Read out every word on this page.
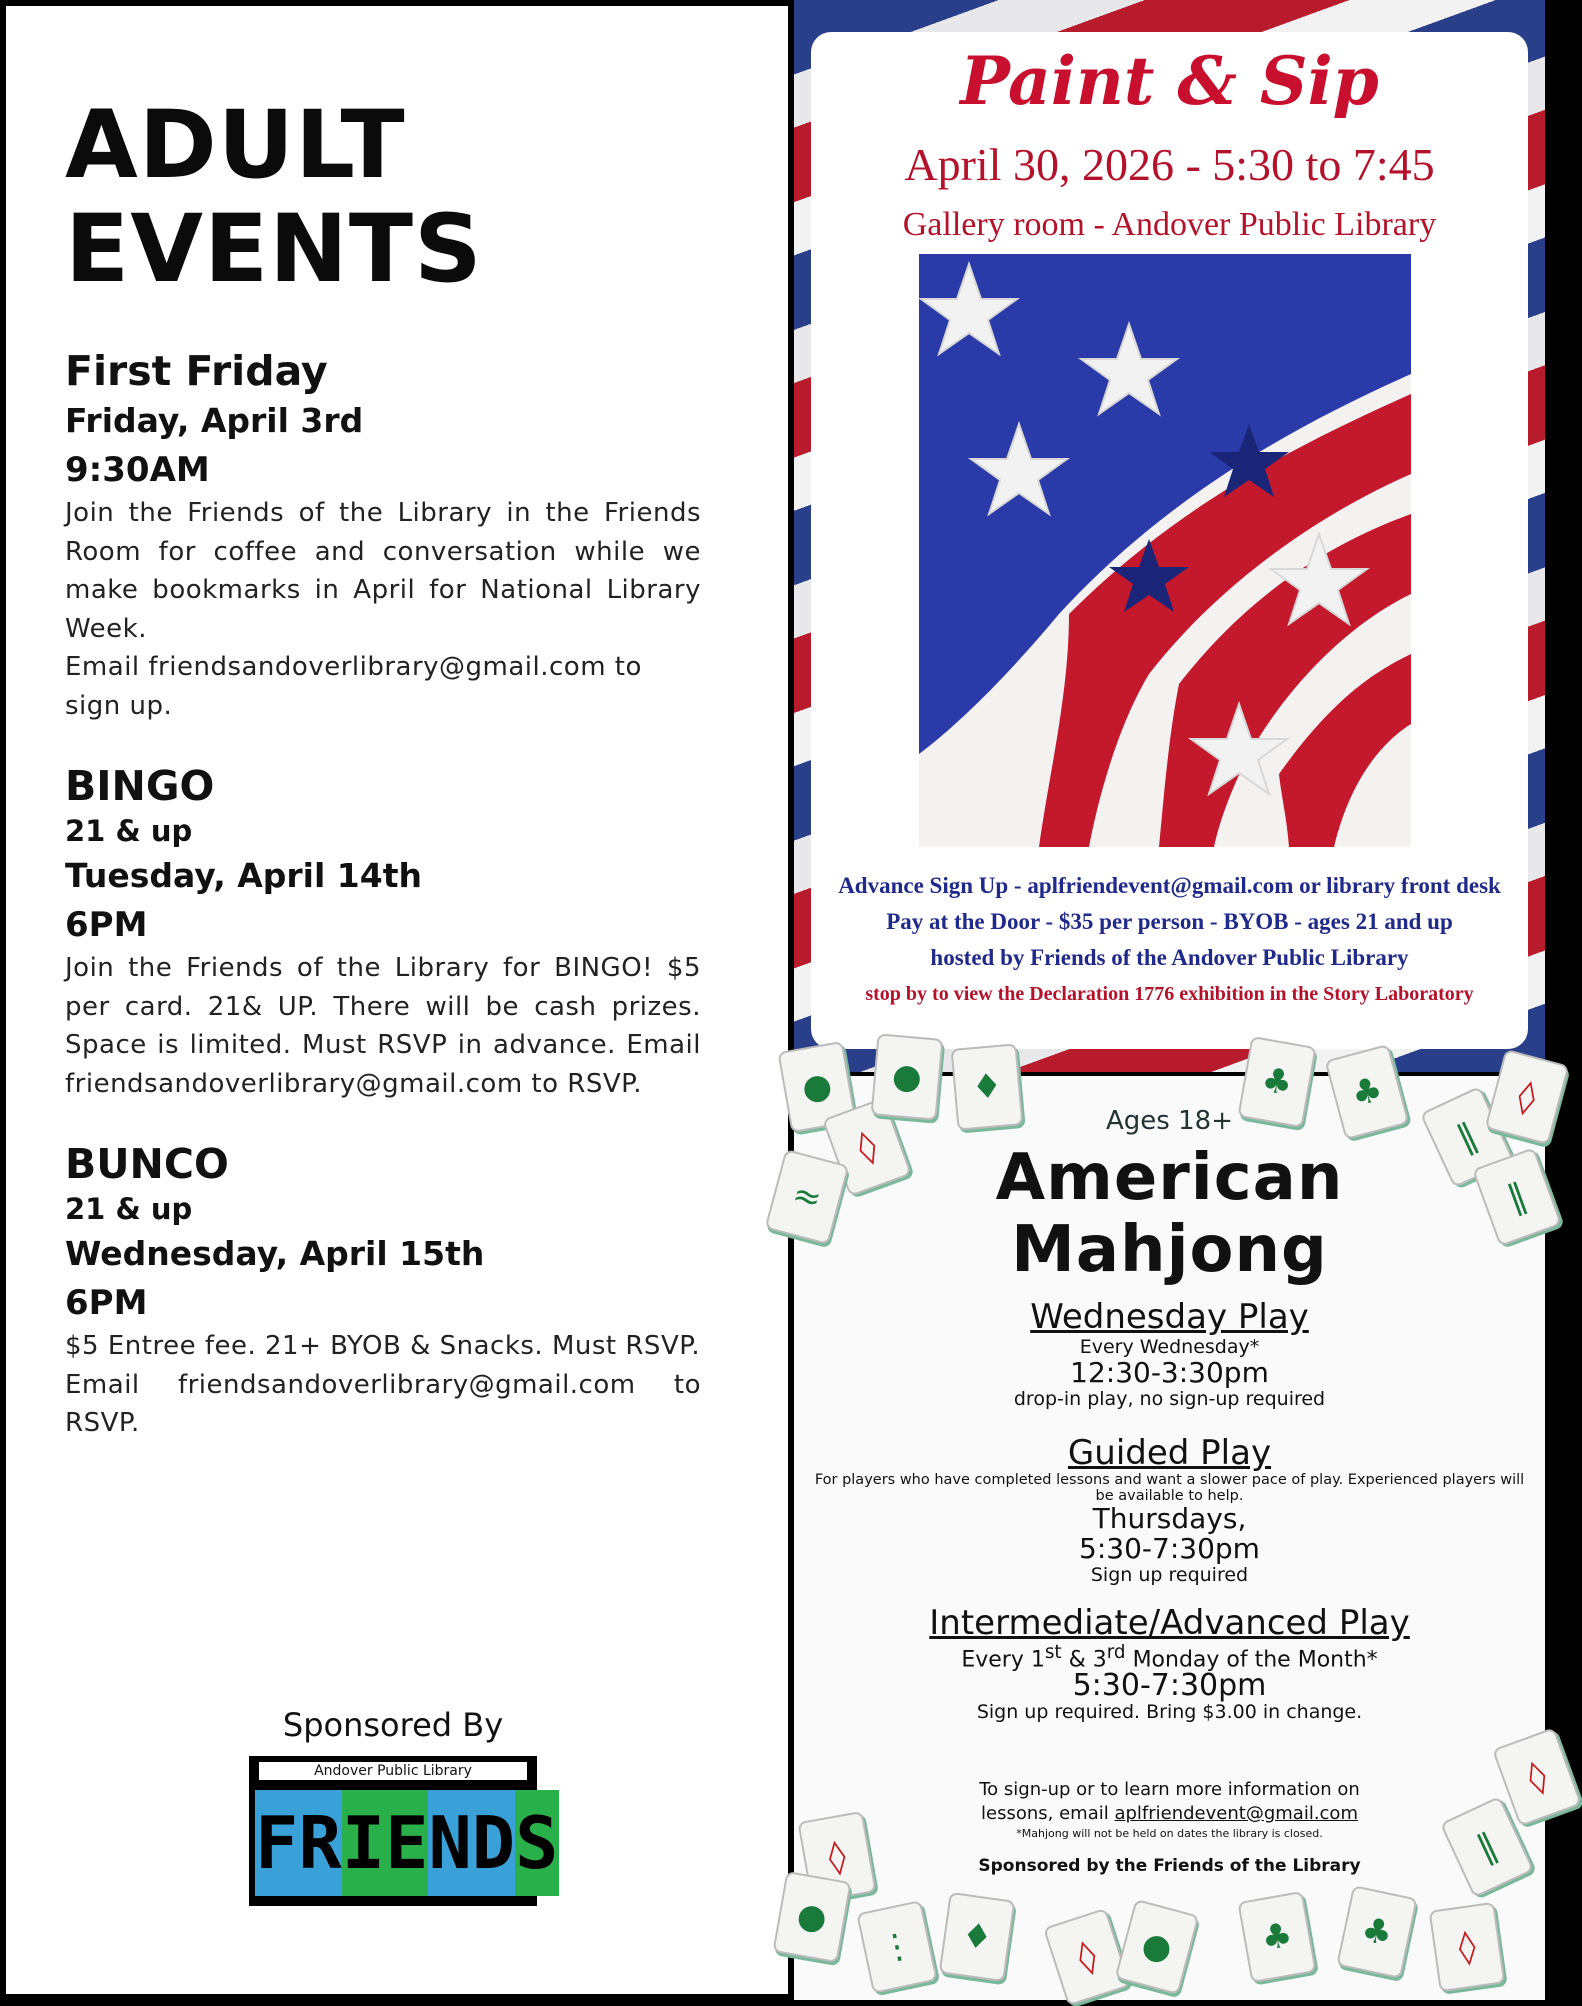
ADULT
EVENTS
First Friday
Friday, April 3rd
9:30AM

Join the Friends of the Library in the Friends Room for coffee and conversation while we make bookmarks in April for National Library Week.

Email friendsandoverlibrary@gmail.com to sign up.

BINGO
21 & up
Tuesday, April 14th
6PM

Join the Friends of the Library for BINGO! $5 per card. 21& UP. There will be cash prizes. Space is limited. Must RSVP in advance. Email friendsandoverlibrary@gmail.com to RSVP.

BUNCO
21 & up
Wednesday, April 15th
6PM

$5 Entree fee. 21+ BYOB & Snacks. Must RSVP.

Email friendsandoverlibrary@gmail.com to RSVP.

Sponsored By
Andover Public Library
F R I E N D S
Paint & Sip
April 30, 2026 - 5:30 to 7:45
Gallery room - Andover Public Library
Advance Sign Up - aplfriendevent@gmail.com or library front desk
Pay at the Door - $35 per person - BYOB - ages 21 and up
hosted by Friends of the Andover Public Library
stop by to view the Declaration 1776 exhibition in the Story Laboratory
●
◊
≈
●	♦	♣	♣
‖
‖
◊
◊
‖
◊
●
⋮	♦	◊	●	♣	♣	◊
Ages 18+
American
Mahjong
Wednesday Play
Every Wednesday*
12:30-3:30pm
drop-in play, no sign-up required
Guided Play
For players who have completed lessons and want a slower pace of play. Experienced players will be available to help.
Thursdays,
5:30-7:30pm
Sign up required
Intermediate/Advanced Play
Every 1st & 3rd Monday of the Month*
5:30-7:30pm
Sign up required. Bring $3.00 in change.
To sign-up or to learn more information on
lessons, email aplfriendevent@gmail.com
*Mahjong will not be held on dates the library is closed.
Sponsored by the Friends of the Library
